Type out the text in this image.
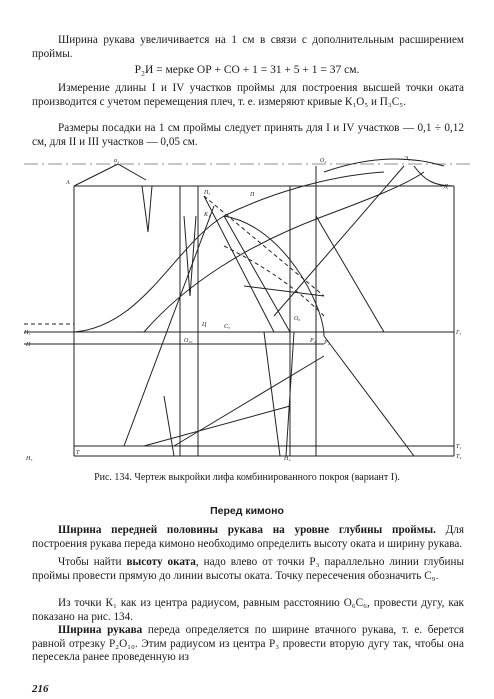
Ширина рукава увеличивается на 1 см в связи с дополнительным расширением проймы.

P₂И = мерке ОР + СО + 1 = 31 + 5 + 1 = 37 см.

Измерение длины I и IV участков проймы для построения высшей точки оката производится с учетом перемещения плеч, т. е. измеряют кривые К₁О₅ и П₃С₅.

Размеры посадки на 1 см проймы следует принять для I и IV участков — 0,1 ÷ 0,12 см, для II и III участков — 0,05 см.

A
а₁	О₂	Э₁
Д
П₃	П
К₁
Ц
О₁₀
О₆
Р₄
Г₁
Н₁
Н
Т
Т₁
Т₄
Н₃	Н₂
С₅
Р₂
Рис. 134. Чертеж выкройки лифа комбинированного покроя (вариант I).
Перед кимоно

Ширина передней половины рукава на уровне глубины проймы. Для построения рукава переда кимоно необходимо определить высоту оката и ширину рукава.

Чтобы найти высоту оката, надо влево от точки Р₃ параллельно линии глубины проймы провести прямую до линии высоты оката. Точку пересечения обозначить С₉.

Из точки К₁ как из центра радиусом, равным расстоянию О₆С₆, провести дугу, как показано на рис. 134.

Ширина рукава переда определяется по ширине втачного рукава, т. е. берется равной отрезку Р₂О₁₀. Этим радиусом из центра Р₃ провести вторую дугу так, чтобы она пересекла ранее проведенную из

216
